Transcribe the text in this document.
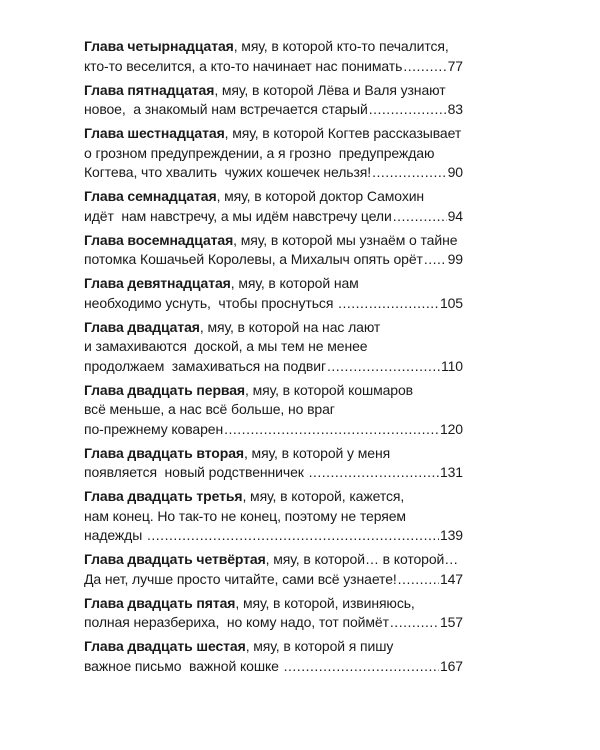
Глава четырнадцатая , мяу, в которой кто-то печалится,
кто-то веселится, а кто-то начинает нас понимать .....	77
Глава пятнадцатая , мяу, в которой Лёва и Валя узнают
новое,  а знакомый нам встречается старый .....	83
Глава шестнадцатая , мяу, в которой Когтев рассказывает
о грозном предупреждении, а я грозно  предупреждаю
Когтева, что хвалить  чужих кошечек нельзя! .....	90
Глава семнадцатая , мяу, в которой доктор Самохин
идёт  нам навстречу, а мы идём навстречу цели .....	94
Глава восемнадцатая , мяу, в которой мы узнаём о тайне
потомка Кошачьей Королевы, а Михалыч опять орёт ..... 99
Глава девятнадцатая , мяу, в которой нам
необходимо уснуть,  чтобы проснуться .....	105
Глава двадцатая , мяу, в которой на нас лают
и замахиваются  доской, а мы тем не менее
продолжаем  замахиваться на подвиг .....	110
Глава двадцать первая , мяу, в которой кошмаров
всё меньше, а нас всё больше, но враг
по-прежнему коварен .....	120
Глава двадцать вторая , мяу, в которой у меня
появляется  новый родственничек .....	131
Глава двадцать третья , мяу, в которой, кажется,
нам конец. Но так-то не конец, поэтому не теряем
надежды .....	139
Глава двадцать четвёртая , мяу, в которой… в которой…
Да нет, лучше просто читайте, сами всё узнаете! .....	147
Глава двадцать пятая , мяу, в которой, извиняюсь,
полная неразбериха,  но кому надо, тот поймёт .....	157
Глава двадцать шестая , мяу, в которой я пишу
важное письмо  важной кошке .....	167
